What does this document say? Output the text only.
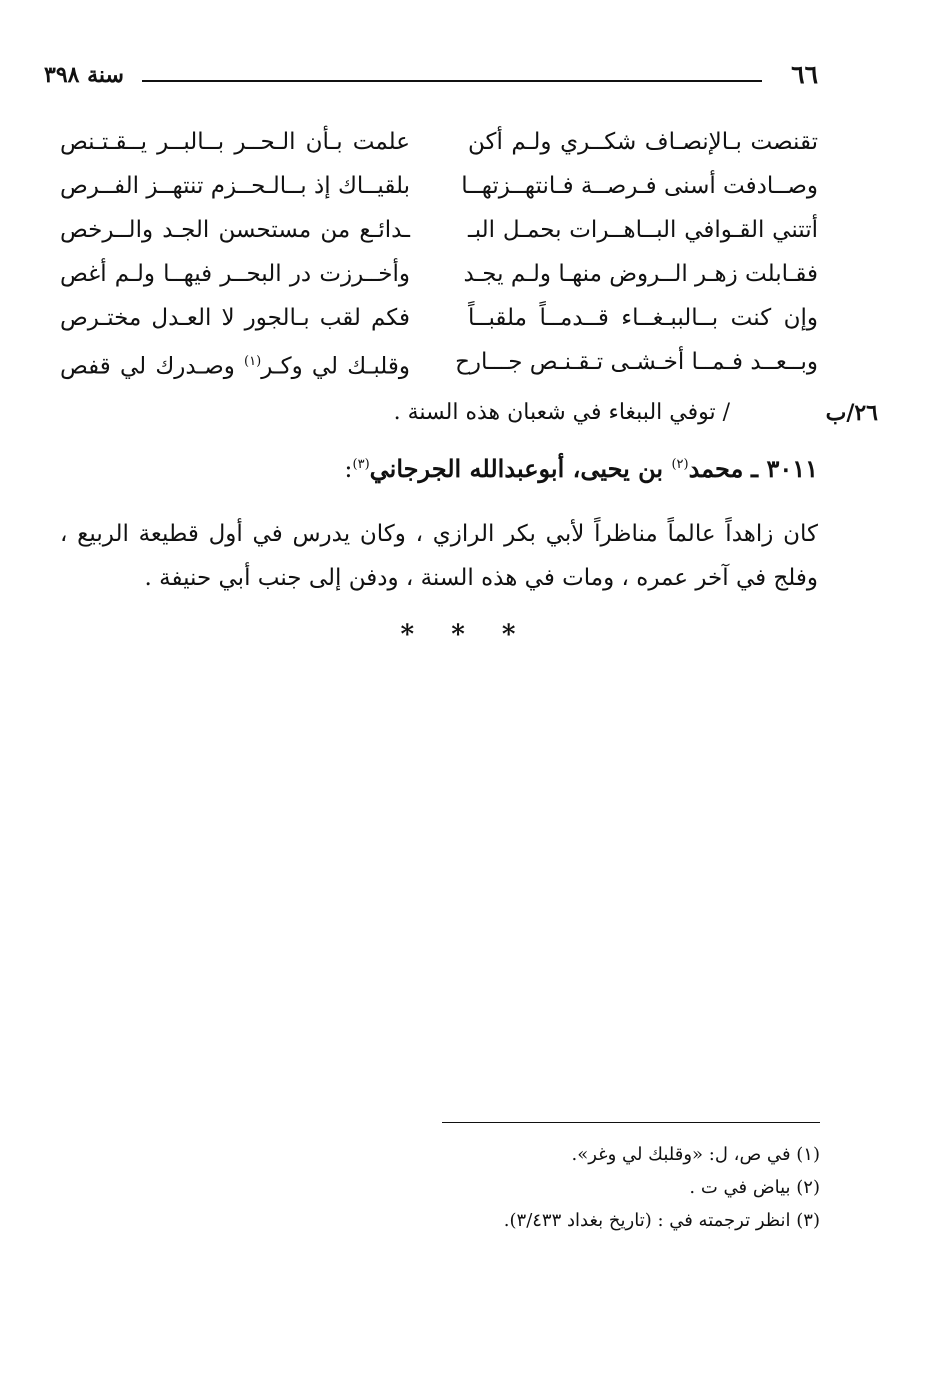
٦٦
سنة ٣٩٨
تقنصت بـالإنصـاف شكــري ولـم أكن
علمت بـأن الـحــر بــالبــر يــقـتـنص
وصــادفت أسنى فـرصــة فـانتهــزتهــا
بلقيــاك إذ بــالـحــزم تنتهــز الفــرص
أتتني القـوافي البــاهــرات بحمـل البـ
ـدائـع من مستحسن الجـد والــرخص
فقـابلت زهـر الــروض منهـا ولـم يجـد
وأخــرزت در البحــر فيهــا ولـم أغص
وإن كنت بــالببـغــاء قــدمــاً ملقبــاً
فكم لقب بـالجور لا العـدل مختـرص
وبــعــد فـمــا أخـشـى تـقـنـص جـــارح
وقلبـك لي وكـر$^{(١)}$ وصـدرك لي قفص
٢٦/ب
/ توفي الببغاء في شعبان هذه السنة .
٣٠١١ ـ محمد$^{(٢)}$ بن يحيى، أبوعبدالله الجرجاني$^{(٣)}$:
كان زاهداً عالماً مناظراً لأبي بكر الرازي ، وكان يدرس في أول قطيعة الربيع ، وفلج في آخر عمره ، ومات في هذه السنة ، ودفن إلى جنب أبي حنيفة .
* * *
(١) في ص، ل: «وقلبك لي وغر».
(٢) بياض في ت .
(٣) انظر ترجمته في : (تاريخ بغداد ٣/٤٣٣).
